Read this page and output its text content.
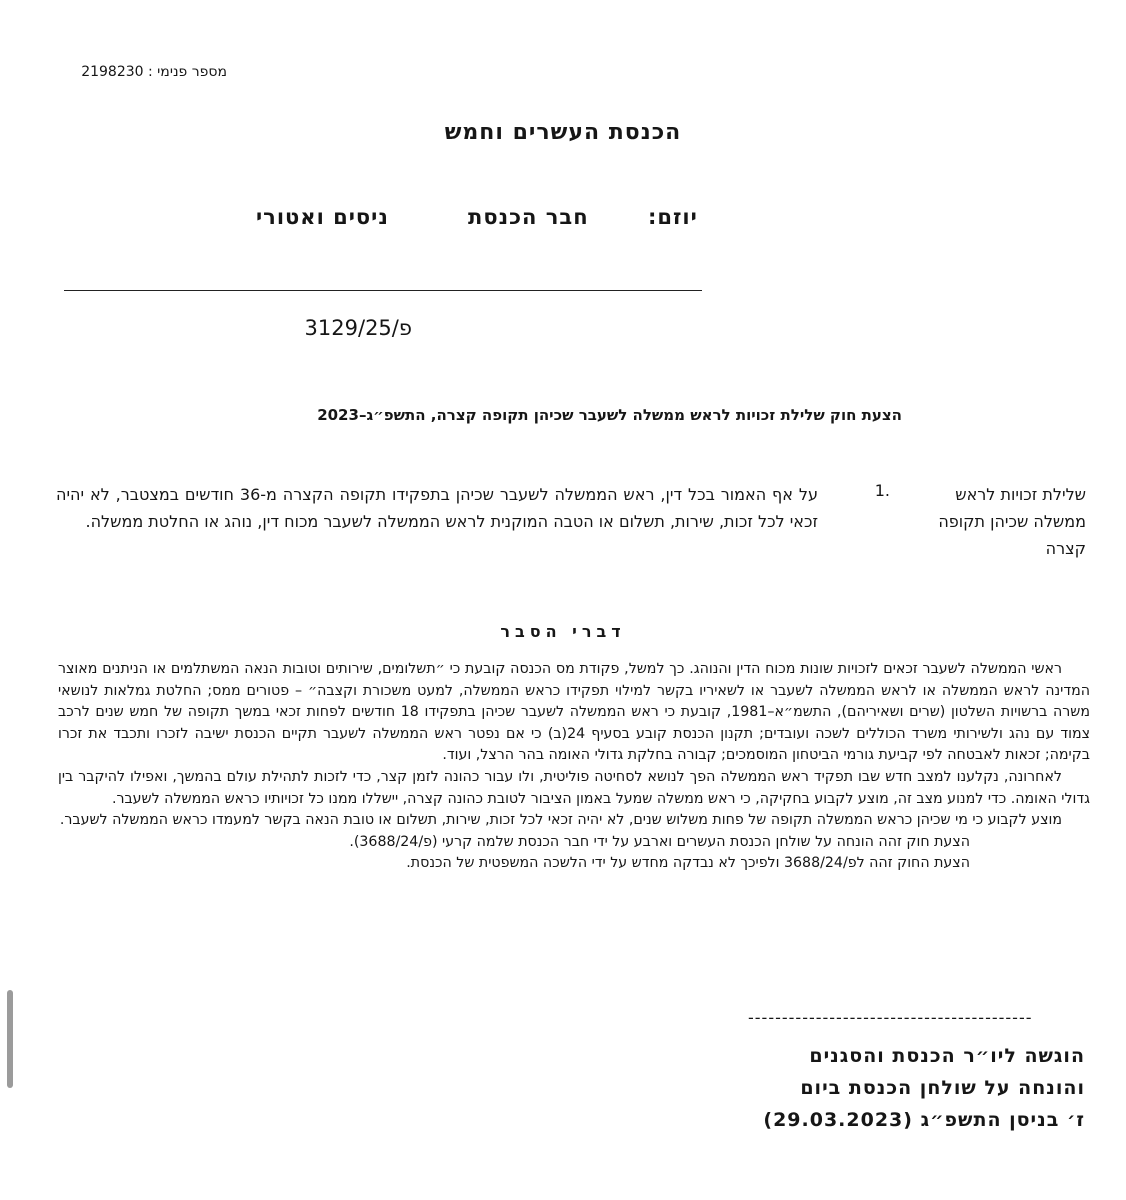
מספר פנימי : 2198230
הכנסת העשרים וחמש
יוזם:
חבר הכנסת
ניסים ואטורי
פ/3129/25
הצעת חוק שלילת זכויות לראש ממשלה לשעבר שכיהן תקופה קצרה, התשפ״ג–2023
שלילת זכויות לראש ממשלה שכיהן תקופה קצרה
.1
על אף האמור בכל דין, ראש הממשלה לשעבר שכיהן בתפקידו תקופה הקצרה מ-36 חודשים במצטבר, לא יהיה זכאי לכל זכות, שירות, תשלום או הטבה המוקנית לראש הממשלה לשעבר מכוח דין, נוהג או החלטת ממשלה.
דברי הסבר

ראשי הממשלה לשעבר זכאים לזכויות שונות מכוח הדין והנוהג. כך למשל, פקודת מס הכנסה קובעת כי ״תשלומים, שירותים וטובות הנאה המשתלמים או הניתנים מאוצר המדינה לראש הממשלה או לראש הממשלה לשעבר או לשאיריו בקשר למילוי תפקידו כראש הממשלה, למעט משכורת וקצבה״ – פטורים ממס; החלטת גמלאות לנושאי משרה ברשויות השלטון (שרים ושאיריהם), התשמ״א–1981, קובעת כי ראש הממשלה לשעבר שכיהן בתפקידו 18 חודשים לפחות זכאי במשך תקופה של חמש שנים לרכב צמוד עם נהג ולשירותי משרד הכוללים לשכה ועובדים; תקנון הכנסת קובע בסעיף 24(ב) כי אם נפטר ראש הממשלה לשעבר תקיים הכנסת ישיבה לזכרו ותכבד את זכרו בקימה; זכאות לאבטחה לפי קביעת גורמי הביטחון המוסמכים; קבורה בחלקת גדולי האומה בהר הרצל, ועוד.

לאחרונה, נקלענו למצב חדש שבו תפקיד ראש הממשלה הפך לנושא לסחיטה פוליטית, ולו עבור כהונה לזמן קצר, כדי לזכות לתהילת עולם בהמשך, ואפילו להיקבר בין גדולי האומה. כדי למנוע מצב זה, מוצע לקבוע בחקיקה, כי ראש ממשלה שמעל באמון הציבור לטובת כהונה קצרה, יישללו ממנו כל זכויותיו כראש הממשלה לשעבר.

מוצע לקבוע כי מי שכיהן כראש הממשלה תקופה של פחות משלוש שנים, לא יהיה זכאי לכל זכות, שירות, תשלום או טובת הנאה בקשר למעמדו כראש הממשלה לשעבר.

הצעת חוק זהה הונחה על שולחן הכנסת העשרים וארבע על ידי חבר הכנסת שלמה קרעי (פ/3688/24).

הצעת החוק זהה לפ/3688/24 ולפיכך לא נבדקה מחדש על ידי הלשכה המשפטית של הכנסת.

------------------------------------------
הוגשה ליו״ר הכנסת והסגנים
והונחה על שולחן הכנסת ביום
ז׳ בניסן התשפ״ג (29.03.2023)
